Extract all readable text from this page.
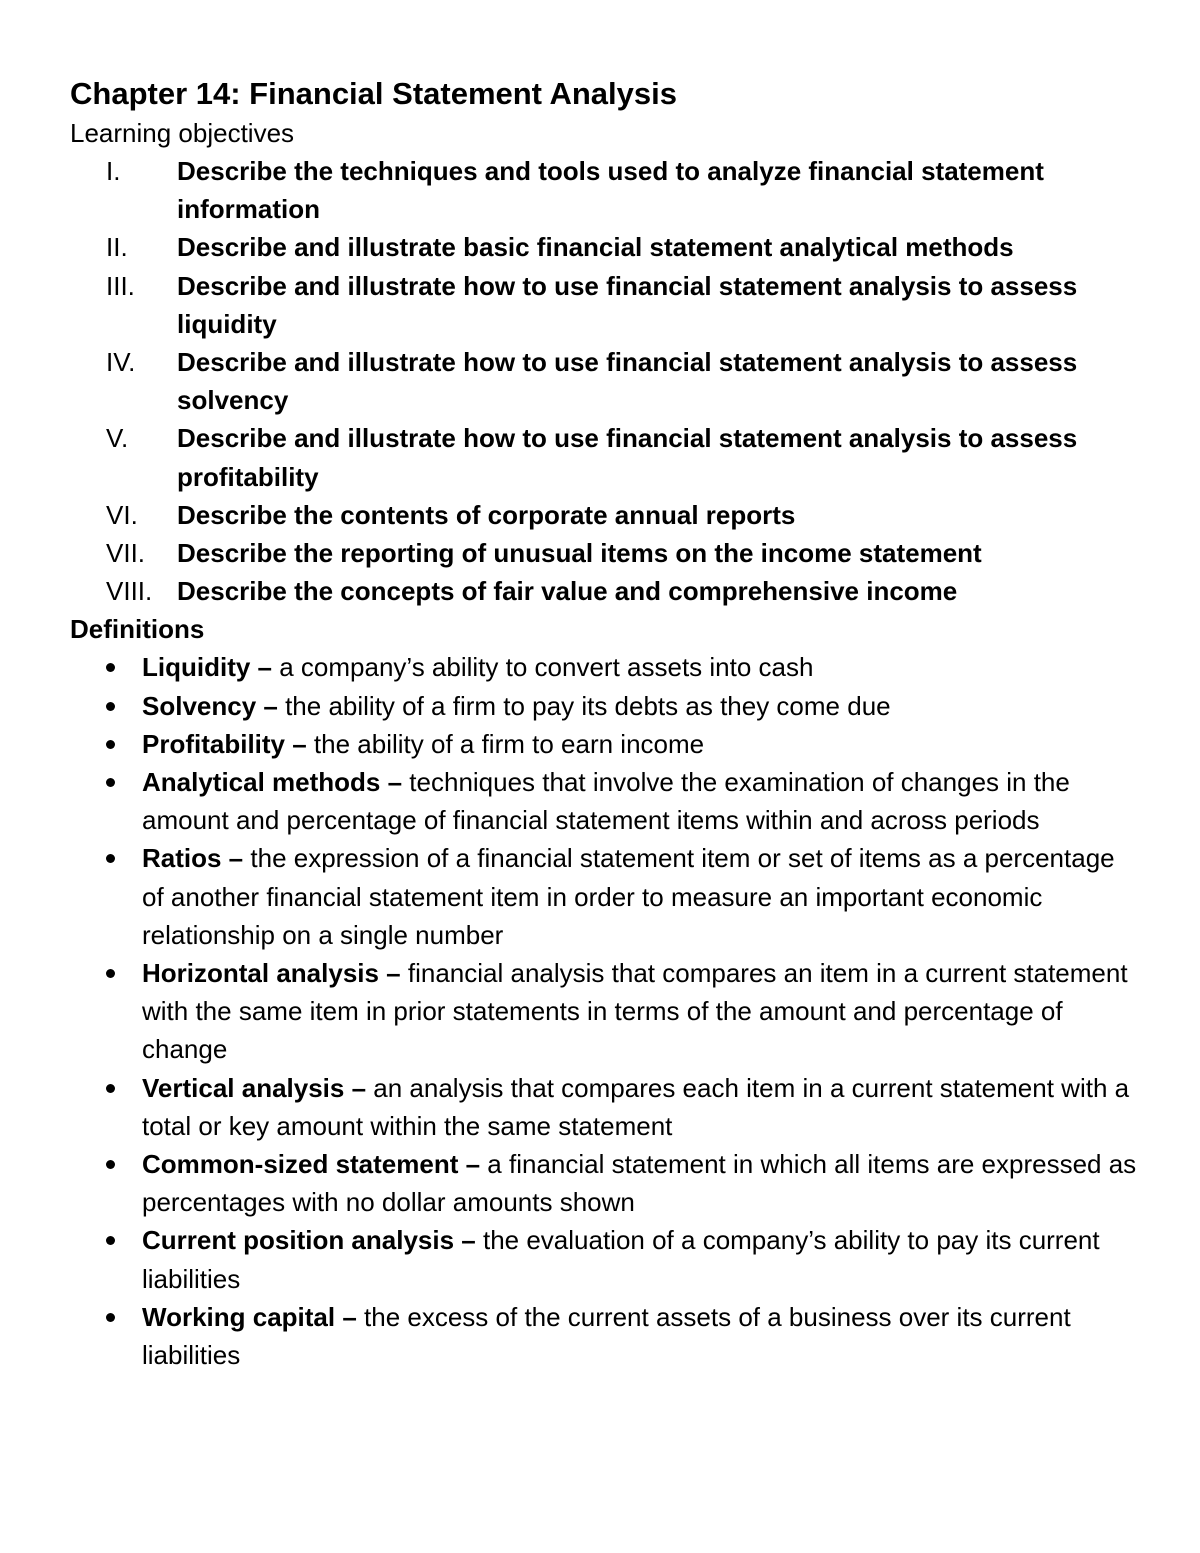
Chapter 14: Financial Statement Analysis
Learning objectives
I.	Describe the techniques and tools used to analyze financial statement information
II.	Describe and illustrate basic financial statement analytical methods
III.	Describe and illustrate how to use financial statement analysis to assess liquidity
IV.	Describe and illustrate how to use financial statement analysis to assess solvency
V.	Describe and illustrate how to use financial statement analysis to assess profitability
VI.	Describe the contents of corporate annual reports
VII.	Describe the reporting of unusual items on the income statement
VIII. Describe the concepts of fair value and comprehensive income
Definitions
Liquidity – a company’s ability to convert assets into cash
Solvency – the ability of a firm to pay its debts as they come due
Profitability – the ability of a firm to earn income
Analytical methods – techniques that involve the examination of changes in the amount and percentage of financial statement items within and across periods
Ratios – the expression of a financial statement item or set of items as a percentage of another financial statement item in order to measure an important economic relationship on a single number
Horizontal analysis – financial analysis that compares an item in a current statement with the same item in prior statements in terms of the amount and percentage of change
Vertical analysis – an analysis that compares each item in a current statement with a total or key amount within the same statement
Common-sized statement – a financial statement in which all items are expressed as percentages with no dollar amounts shown
Current position analysis – the evaluation of a company’s ability to pay its current liabilities
Working capital – the excess of the current assets of a business over its current liabilities
